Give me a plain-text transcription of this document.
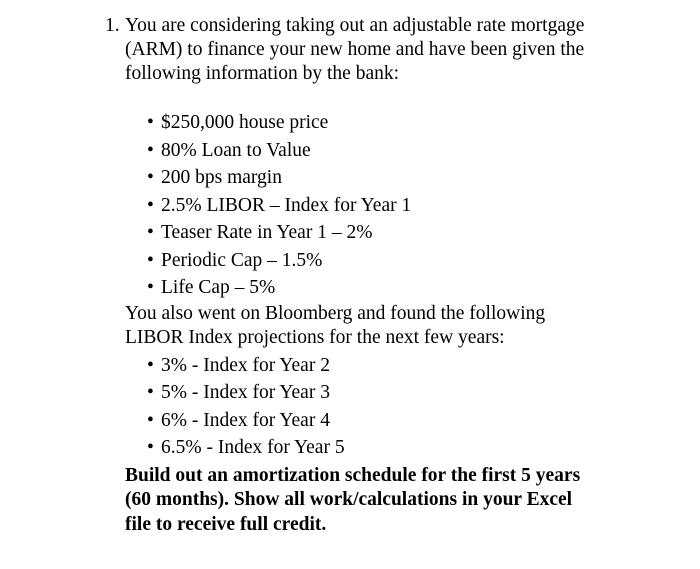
1. You are considering taking out an adjustable rate mortgage

(ARM) to finance your new home and have been given the

following information by the bank:

• $250,000 house price
• 80% Loan to Value
• 200 bps margin
• 2.5% LIBOR – Index for Year 1
• Teaser Rate in Year 1 – 2%
• Periodic Cap – 1.5%
• Life Cap – 5%

You also went on Bloomberg and found the following

LIBOR Index projections for the next few years:

• 3% - Index for Year 2
• 5% - Index for Year 3
• 6% - Index for Year 4
• 6.5% - Index for Year 5
Build out an amortization schedule for the first 5 years
(60 months). Show all work/calculations in your Excel
file to receive full credit.
